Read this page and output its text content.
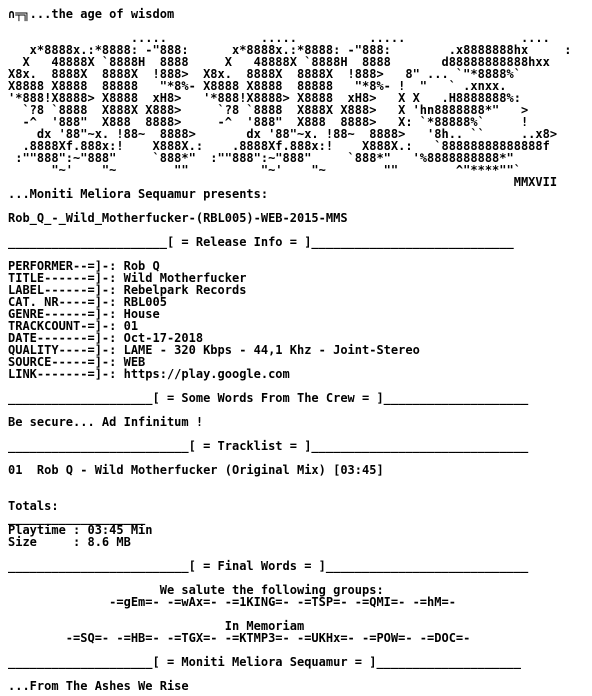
∩╤╗...the age of wisdom
.....             .....          .....                ....
x*8888x.:*8888: -"888:      x*8888x.:*8888: -"888:        .x8888888hx     :
X   48888X `8888H  8888     X   48888X `8888H  8888       d88888888888hxx
X8x.  8888X  8888X  !888>  X8x.  8888X  8888X  !888>   8" ... `"*8888%`
X8888 X8888  88888   "*8%- X8888 X8888  88888   "*8%- !  "   ` .xnxx.
'*888!X8888> X8888  xH8>   '*888!X8888> X8888  xH8>   X X   .H8888888%:
`?8 `8888  X888X X888>     `?8 `8888  X888X X888>   X 'hn8888888*"   >
-^  '888"  X888  8888>     -^  '888"  X888  8888>   X: `*88888%`     !
dx '88"~x. !88~  8888>       dx '88"~x. !88~  8888>   '8h.. ``     ..x8>
.8888Xf.888x:!    X888X.:    .8888Xf.888x:!    X888X.:   `88888888888888f
:""888":~"888"     `888*"  :""888":~"888"     `888*"   '%8888888888*"
"~'    "~        ""          "~'    "~        ""        ^"****""`
MMXVII
...Moniti Meliora Sequamur presents:
Rob_Q_-_Wild_Motherfucker-(RBL005)-WEB-2015-MMS
______________________[ = Release Info = ]____________________________
PERFORMER--=]-: Rob Q
TITLE------=]-: Wild Motherfucker
LABEL------=]-: Rebelpark Records
CAT. NR----=]-: RBL005
GENRE------=]-: House
TRACKCOUNT-=]-: 01
DATE-------=]-: Oct-17-2018
QUALITY----=]-: LAME - 320 Kbps - 44,1 Khz - Joint-Stereo
SOURCE-----=]-: WEB
LINK-------=]-: https://play.google.com
____________________[ = Some Words From The Crew = ]____________________
Be secure... Ad Infinitum !
_________________________[ = Tracklist = ]______________________________
01  Rob Q - Wild Motherfucker (Original Mix) [03:45]
Totals:
___________________
Playtime : 03:45 Min
Size     : 8.6 MB
_________________________[ = Final Words = ]____________________________
We salute the following groups:
-=gEm=- -=wAx=- -=1KING=- -=TSP=- -=QMI=- -=hM=-
In Memoriam
-=SQ=- -=HB=- -=TGX=- -=KTMP3=- -=UKHx=- -=POW=- -=DOC=-
____________________[ = Moniti Meliora Sequamur = ]____________________
...From The Ashes We Rise
